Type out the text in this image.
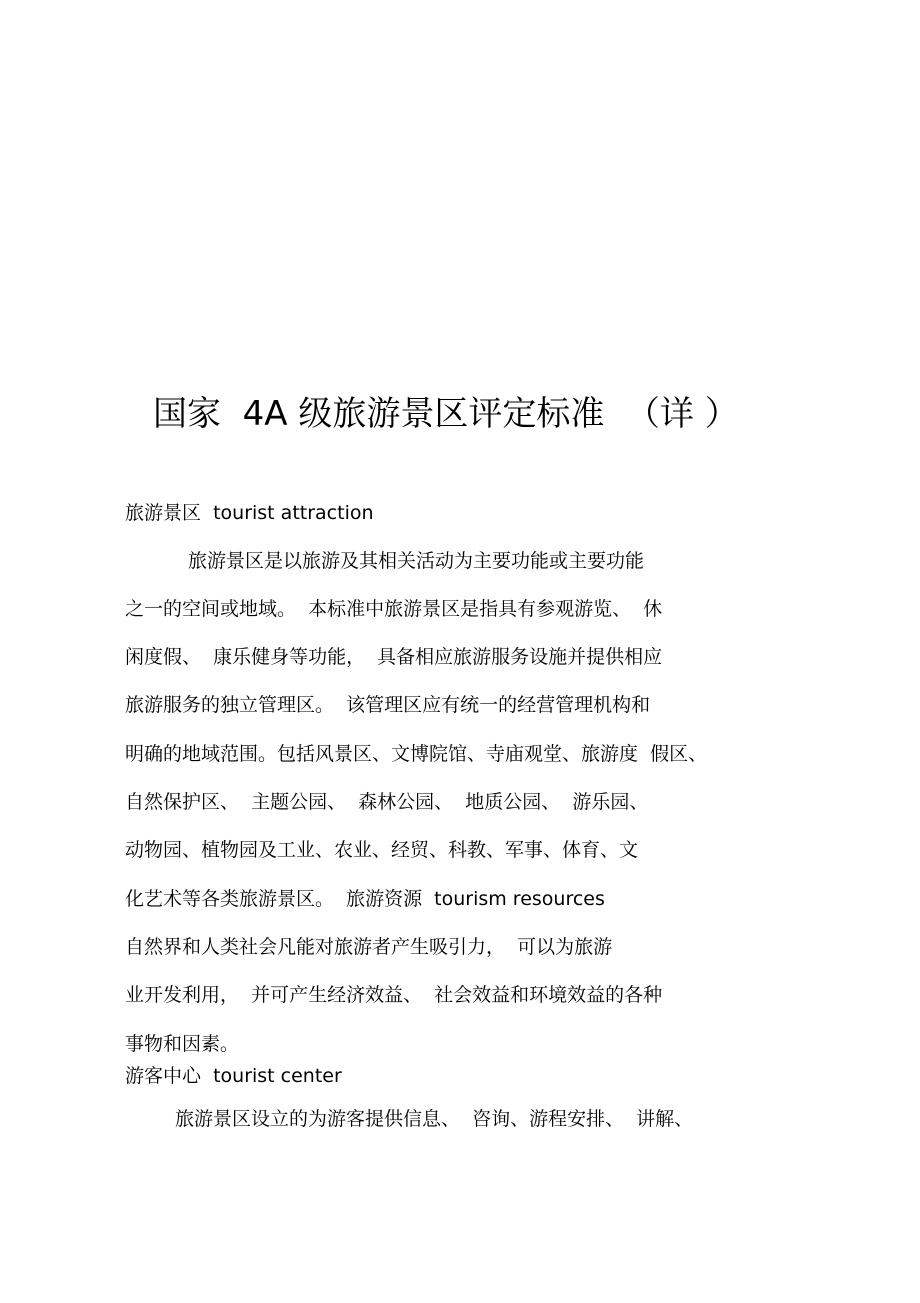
国家  4A 级旅游景区评定标准  （详 ）
旅游景区  tourist attraction
旅游景区是以旅游及其相关活动为主要功能或主要功能
之一的空间或地域。  本标准中旅游景区是指具有参观游览、  休
闲度假、  康乐健身等功能，  具备相应旅游服务设施并提供相应
旅游服务的独立管理区。  该管理区应有统一的经营管理机构和
明确的地域范围。包括风景区、文博院馆、寺庙观堂、旅游度  假区、
自然保护区、  主题公园、  森林公园、  地质公园、  游乐园、
动物园、植物园及工业、农业、经贸、科教、军事、体育、文
化艺术等各类旅游景区。  旅游资源  tourism resources
自然界和人类社会凡能对旅游者产生吸引力，  可以为旅游
业开发利用，  并可产生经济效益、  社会效益和环境效益的各种
事物和因素。
游客中心  tourist center
旅游景区设立的为游客提供信息、  咨询、游程安排、  讲解、
